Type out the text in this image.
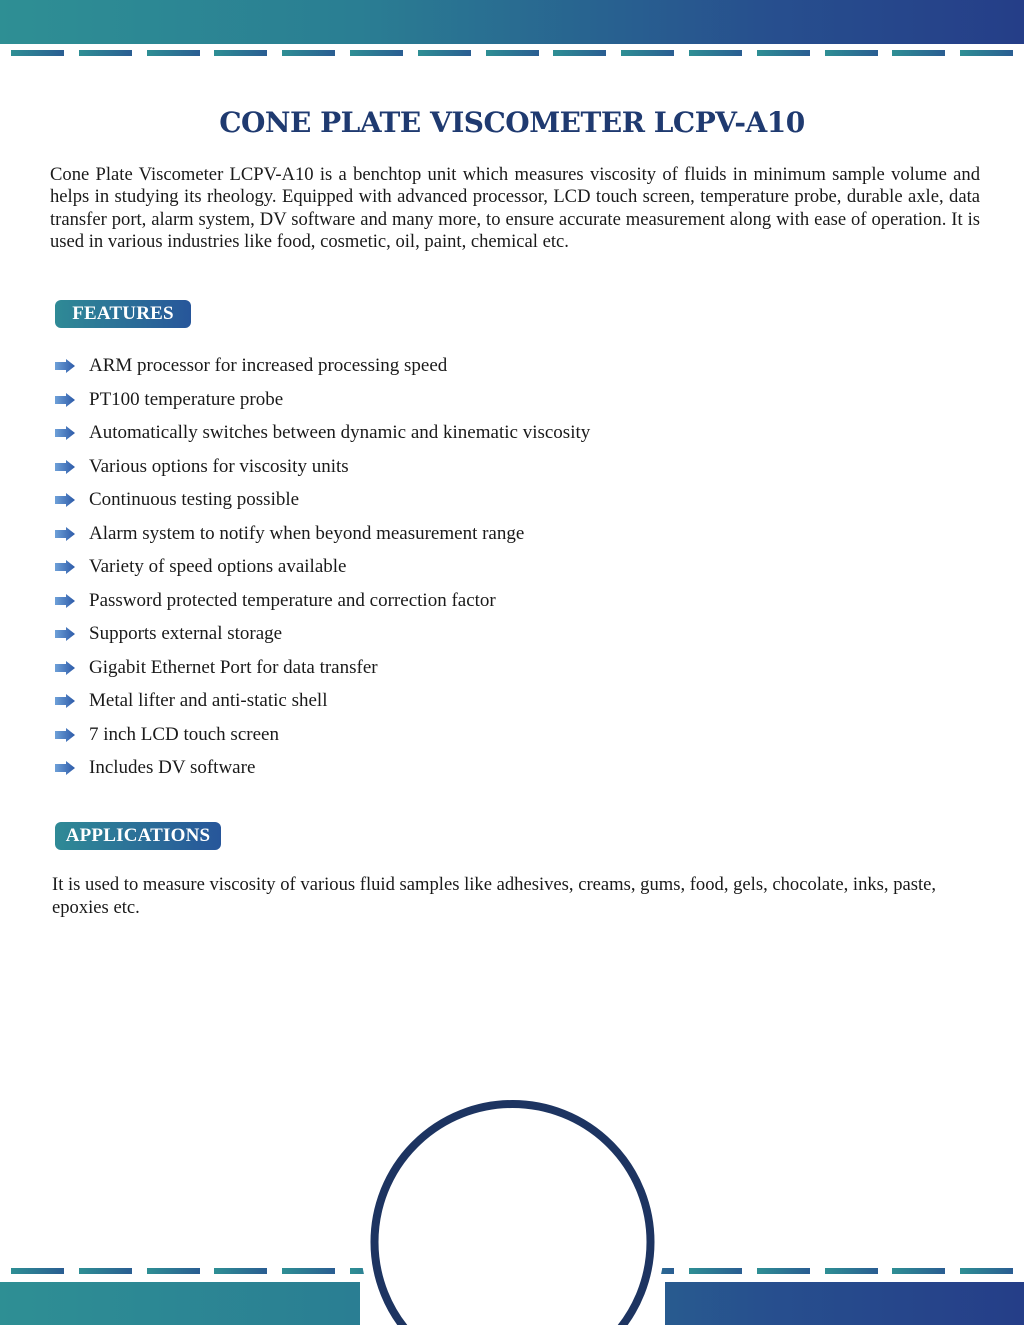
CONE PLATE VISCOMETER LCPV-A10

Cone Plate Viscometer LCPV-A10 is a benchtop unit which measures viscosity of fluids in minimum sample volume and helps in studying its rheology. Equipped with advanced processor, LCD touch screen, temperature probe, durable axle, data transfer port, alarm system, DV software and many more, to ensure accurate measurement along with ease of operation. It is used in various industries like food, cosmetic, oil, paint, chemical etc.

FEATURES
ARM processor for increased processing speed
PT100 temperature probe
Automatically switches between dynamic and kinematic viscosity
Various options for viscosity units
Continuous testing possible
Alarm system to notify when beyond measurement range
Variety of speed options available
Password protected temperature and correction factor
Supports external storage
Gigabit Ethernet Port for data transfer
Metal lifter and anti-static shell
7 inch LCD touch screen
Includes DV software
APPLICATIONS

It is used to measure viscosity of various fluid samples like adhesives, creams, gums, food, gels, chocolate, inks, paste, epoxies etc.
